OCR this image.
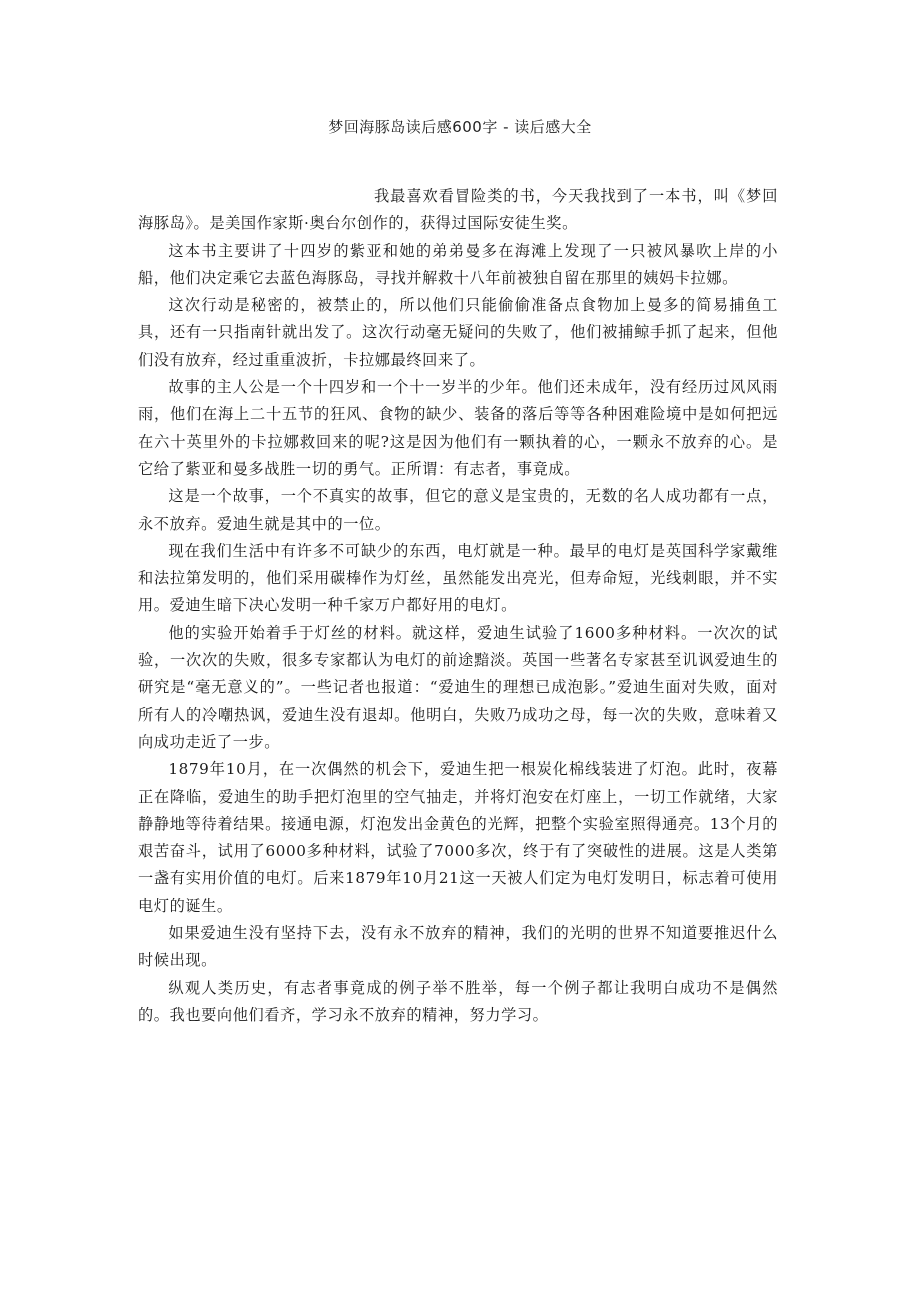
梦回海豚岛读后感600字 - 读后感大全

我最喜欢看冒险类的书，今天我找到了一本书，叫《梦回海豚岛》。是美国作家斯·奥台尔创作的，获得过国际安徒生奖。

这本书主要讲了十四岁的紫亚和她的弟弟曼多在海滩上发现了一只被风暴吹上岸的小船，他们决定乘它去蓝色海豚岛，寻找并解救十八年前被独自留在那里的姨妈卡拉娜。

这次行动是秘密的，被禁止的，所以他们只能偷偷准备点食物加上曼多的简易捕鱼工具，还有一只指南针就出发了。这次行动毫无疑问的失败了，他们被捕鲸手抓了起来，但他们没有放弃，经过重重波折，卡拉娜最终回来了。

故事的主人公是一个十四岁和一个十一岁半的少年。他们还未成年，没有经历过风风雨雨，他们在海上二十五节的狂风、食物的缺少、装备的落后等等各种困难险境中是如何把远在六十英里外的卡拉娜救回来的呢?这是因为他们有一颗执着的心，一颗永不放弃的心。是它给了紫亚和曼多战胜一切的勇气。正所谓：有志者，事竟成。

这是一个故事，一个不真实的故事，但它的意义是宝贵的，无数的名人成功都有一点，永不放弃。爱迪生就是其中的一位。

现在我们生活中有许多不可缺少的东西，电灯就是一种。最早的电灯是英国科学家戴维和法拉第发明的，他们采用碳棒作为灯丝，虽然能发出亮光，但寿命短，光线刺眼，并不实用。爱迪生暗下决心发明一种千家万户都好用的电灯。

他的实验开始着手于灯丝的材料。就这样，爱迪生试验了1600多种材料。一次次的试验，一次次的失败，很多专家都认为电灯的前途黯淡。英国一些著名专家甚至讥讽爱迪生的研究是“毫无意义的”。一些记者也报道：“爱迪生的理想已成泡影。”爱迪生面对失败，面对所有人的冷嘲热讽，爱迪生没有退却。他明白，失败乃成功之母，每一次的失败，意味着又向成功走近了一步。

1879年10月，在一次偶然的机会下，爱迪生把一根炭化棉线装进了灯泡。此时，夜幕正在降临，爱迪生的助手把灯泡里的空气抽走，并将灯泡安在灯座上，一切工作就绪，大家静静地等待着结果。接通电源，灯泡发出金黄色的光辉，把整个实验室照得通亮。13个月的艰苦奋斗，试用了6000多种材料，试验了7000多次，终于有了突破性的进展。这是人类第一盏有实用价值的电灯。后来1879年10月21这一天被人们定为电灯发明日，标志着可使用电灯的诞生。

如果爱迪生没有坚持下去，没有永不放弃的精神，我们的光明的世界不知道要推迟什么时候出现。

纵观人类历史，有志者事竟成的例子举不胜举，每一个例子都让我明白成功不是偶然的。我也要向他们看齐，学习永不放弃的精神，努力学习。
